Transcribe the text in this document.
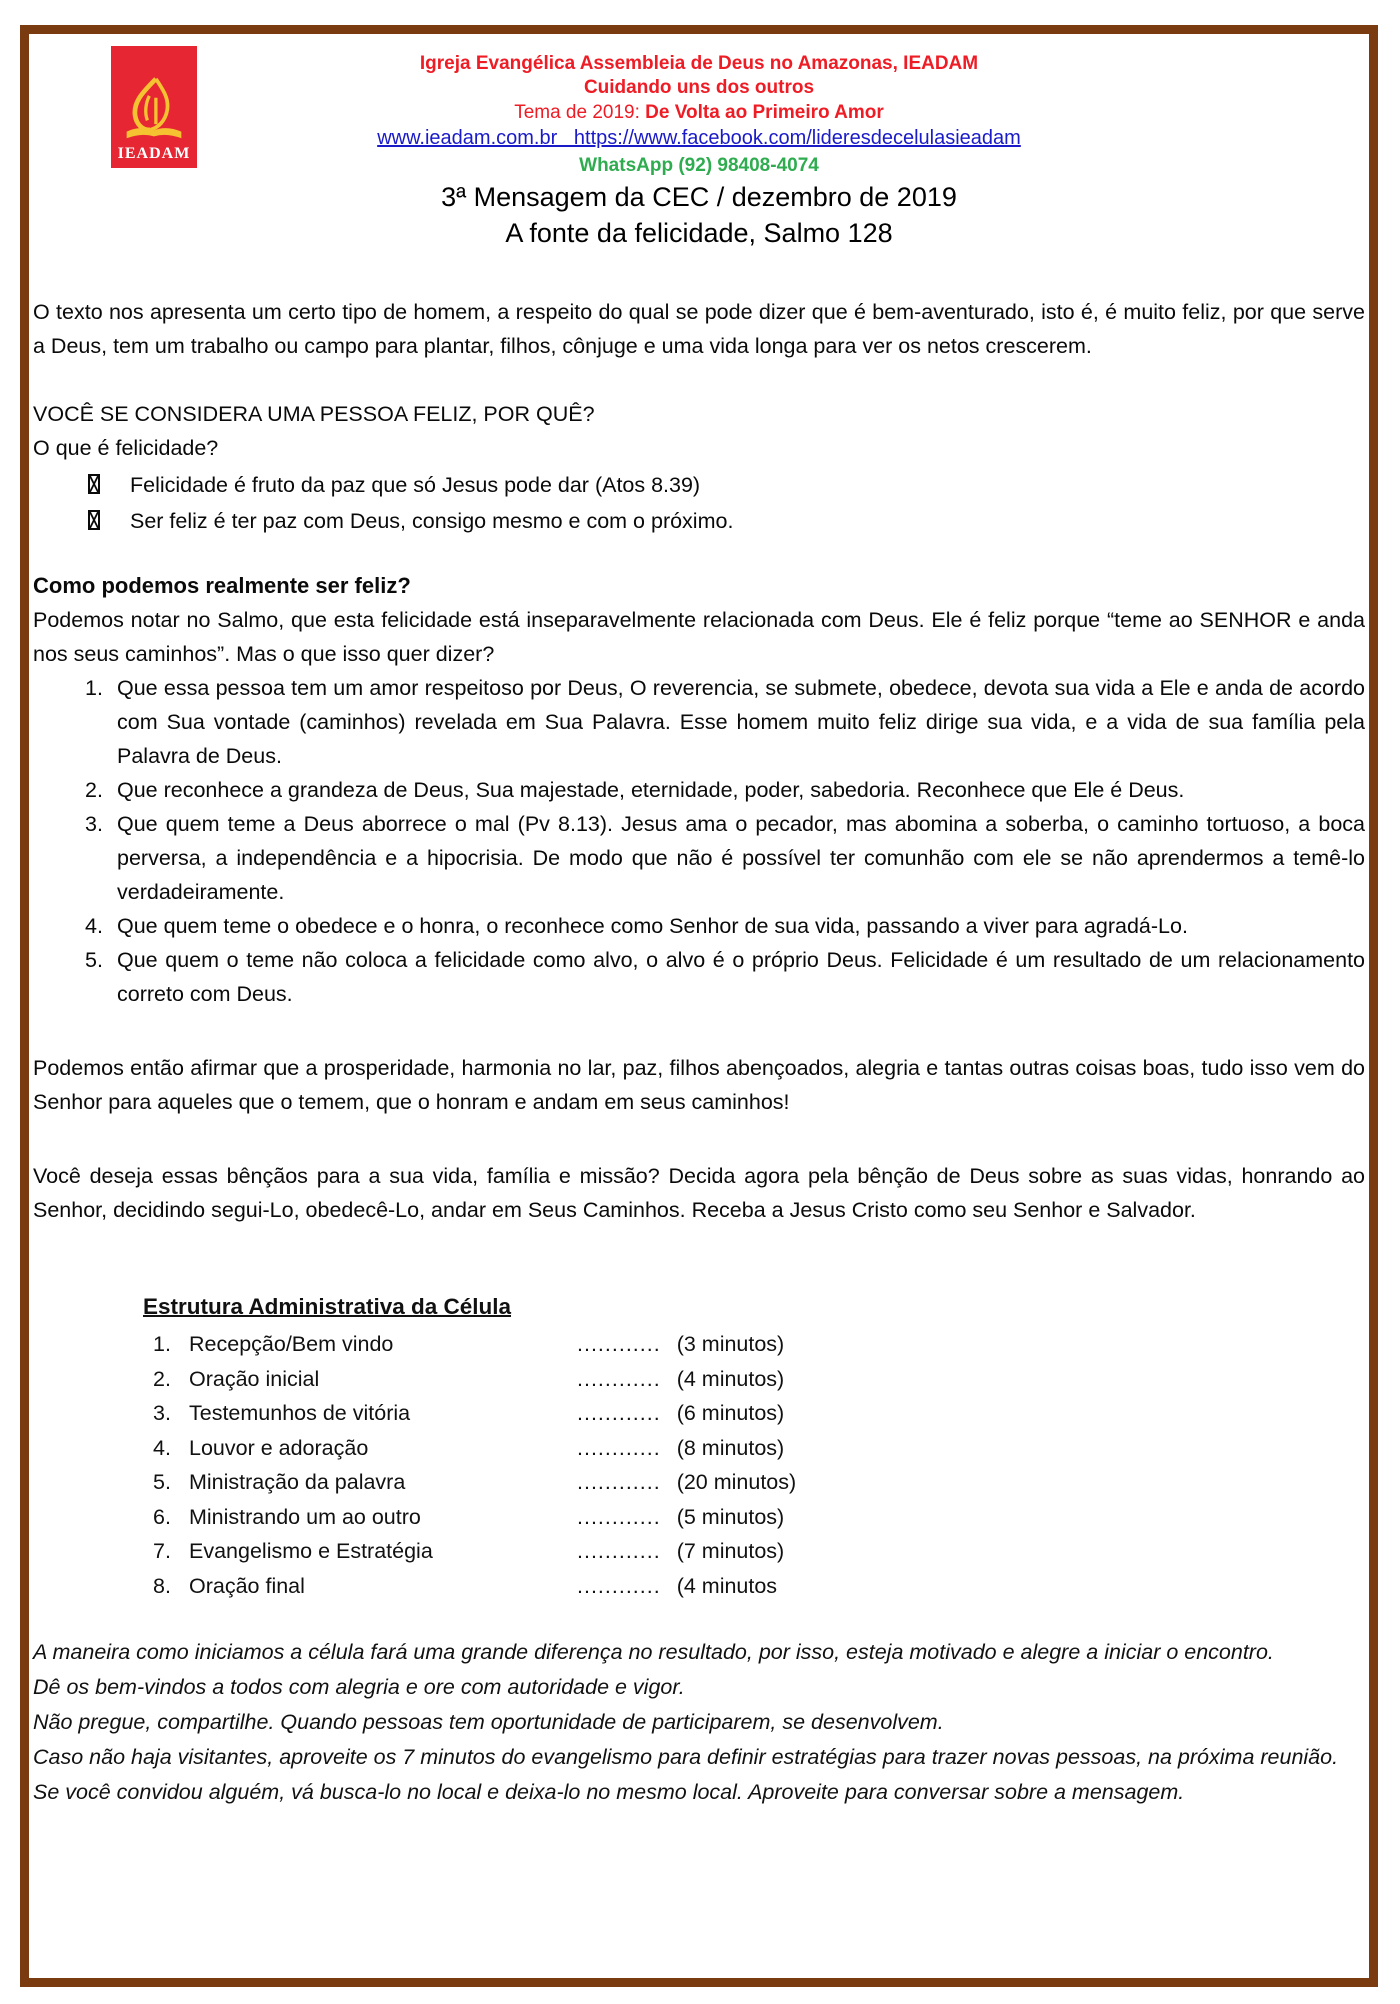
IEADAM
Igreja Evangélica Assembleia de Deus no Amazonas, IEADAM
Cuidando uns dos outros
Tema de 2019: De Volta ao Primeiro Amor
www.ieadam.com.br   https://www.facebook.com/lideresdecelulasieadam
WhatsApp (92) 98408-4074
3ª Mensagem da CEC / dezembro de 2019
A fonte da felicidade, Salmo 128
O texto nos apresenta um certo tipo de homem, a respeito do qual se pode dizer que é bem-aventurado, isto é, é muito feliz, por que serve a Deus, tem um trabalho ou campo para plantar, filhos, cônjuge e uma vida longa para ver os netos crescerem.
VOCÊ SE CONSIDERA UMA PESSOA FELIZ, POR QUÊ?
O que é felicidade?
Felicidade é fruto da paz que só Jesus pode dar (Atos 8.39)
Ser feliz é ter paz com Deus, consigo mesmo e com o próximo.
Como podemos realmente ser feliz?
Podemos notar no Salmo, que esta felicidade está inseparavelmente relacionada com Deus. Ele é feliz porque “teme ao SENHOR e anda nos seus caminhos”. Mas o que isso quer dizer?
1. Que essa pessoa tem um amor respeitoso por Deus, O reverencia, se submete, obedece, devota sua vida a Ele e anda de acordo com Sua vontade (caminhos) revelada em Sua Palavra. Esse homem muito feliz dirige sua vida, e a vida de sua família pela Palavra de Deus.
2. Que reconhece a grandeza de Deus, Sua majestade, eternidade, poder, sabedoria. Reconhece que Ele é Deus.
3. Que quem teme a Deus aborrece o mal (Pv 8.13). Jesus ama o pecador, mas abomina a soberba, o caminho tortuoso, a boca perversa, a independência e a hipocrisia. De modo que não é possível ter comunhão com ele se não aprendermos a temê-lo verdadeiramente.
4. Que quem teme o obedece e o honra, o reconhece como Senhor de sua vida, passando a viver para agradá-Lo.
5. Que quem o teme não coloca a felicidade como alvo, o alvo é o próprio Deus. Felicidade é um resultado de um relacionamento correto com Deus.
Podemos então afirmar que a prosperidade, harmonia no lar, paz, filhos abençoados, alegria e tantas outras coisas boas, tudo isso vem do Senhor para aqueles que o temem, que o honram e andam em seus caminhos!
Você deseja essas bênçãos para a sua vida, família e missão? Decida agora pela bênção de Deus sobre as suas vidas, honrando ao Senhor, decidindo segui-Lo, obedecê-Lo, andar em Seus Caminhos. Receba a Jesus Cristo como seu Senhor e Salvador.
Estrutura Administrativa da Célula
1. Recepção/Bem vindo	............ (3 minutos)
2. Oração inicial	............ (4 minutos)
3. Testemunhos de vitória	............ (6 minutos)
4. Louvor e adoração	............ (8 minutos)
5. Ministração da palavra	............ (20 minutos)
6. Ministrando um ao outro	............ (5 minutos)
7. Evangelismo e Estratégia	............ (7 minutos)
8. Oração final	............ (4 minutos
A maneira como iniciamos a célula fará uma grande diferença no resultado, por isso, esteja motivado e alegre a iniciar o encontro.
Dê os bem-vindos a todos com alegria e ore com autoridade e vigor.
Não pregue, compartilhe. Quando pessoas tem oportunidade de participarem, se desenvolvem.
Caso não haja visitantes, aproveite os 7 minutos do evangelismo para definir estratégias para trazer novas pessoas, na próxima reunião.
Se você convidou alguém, vá busca-lo no local e deixa-lo no mesmo local. Aproveite para conversar sobre a mensagem.
